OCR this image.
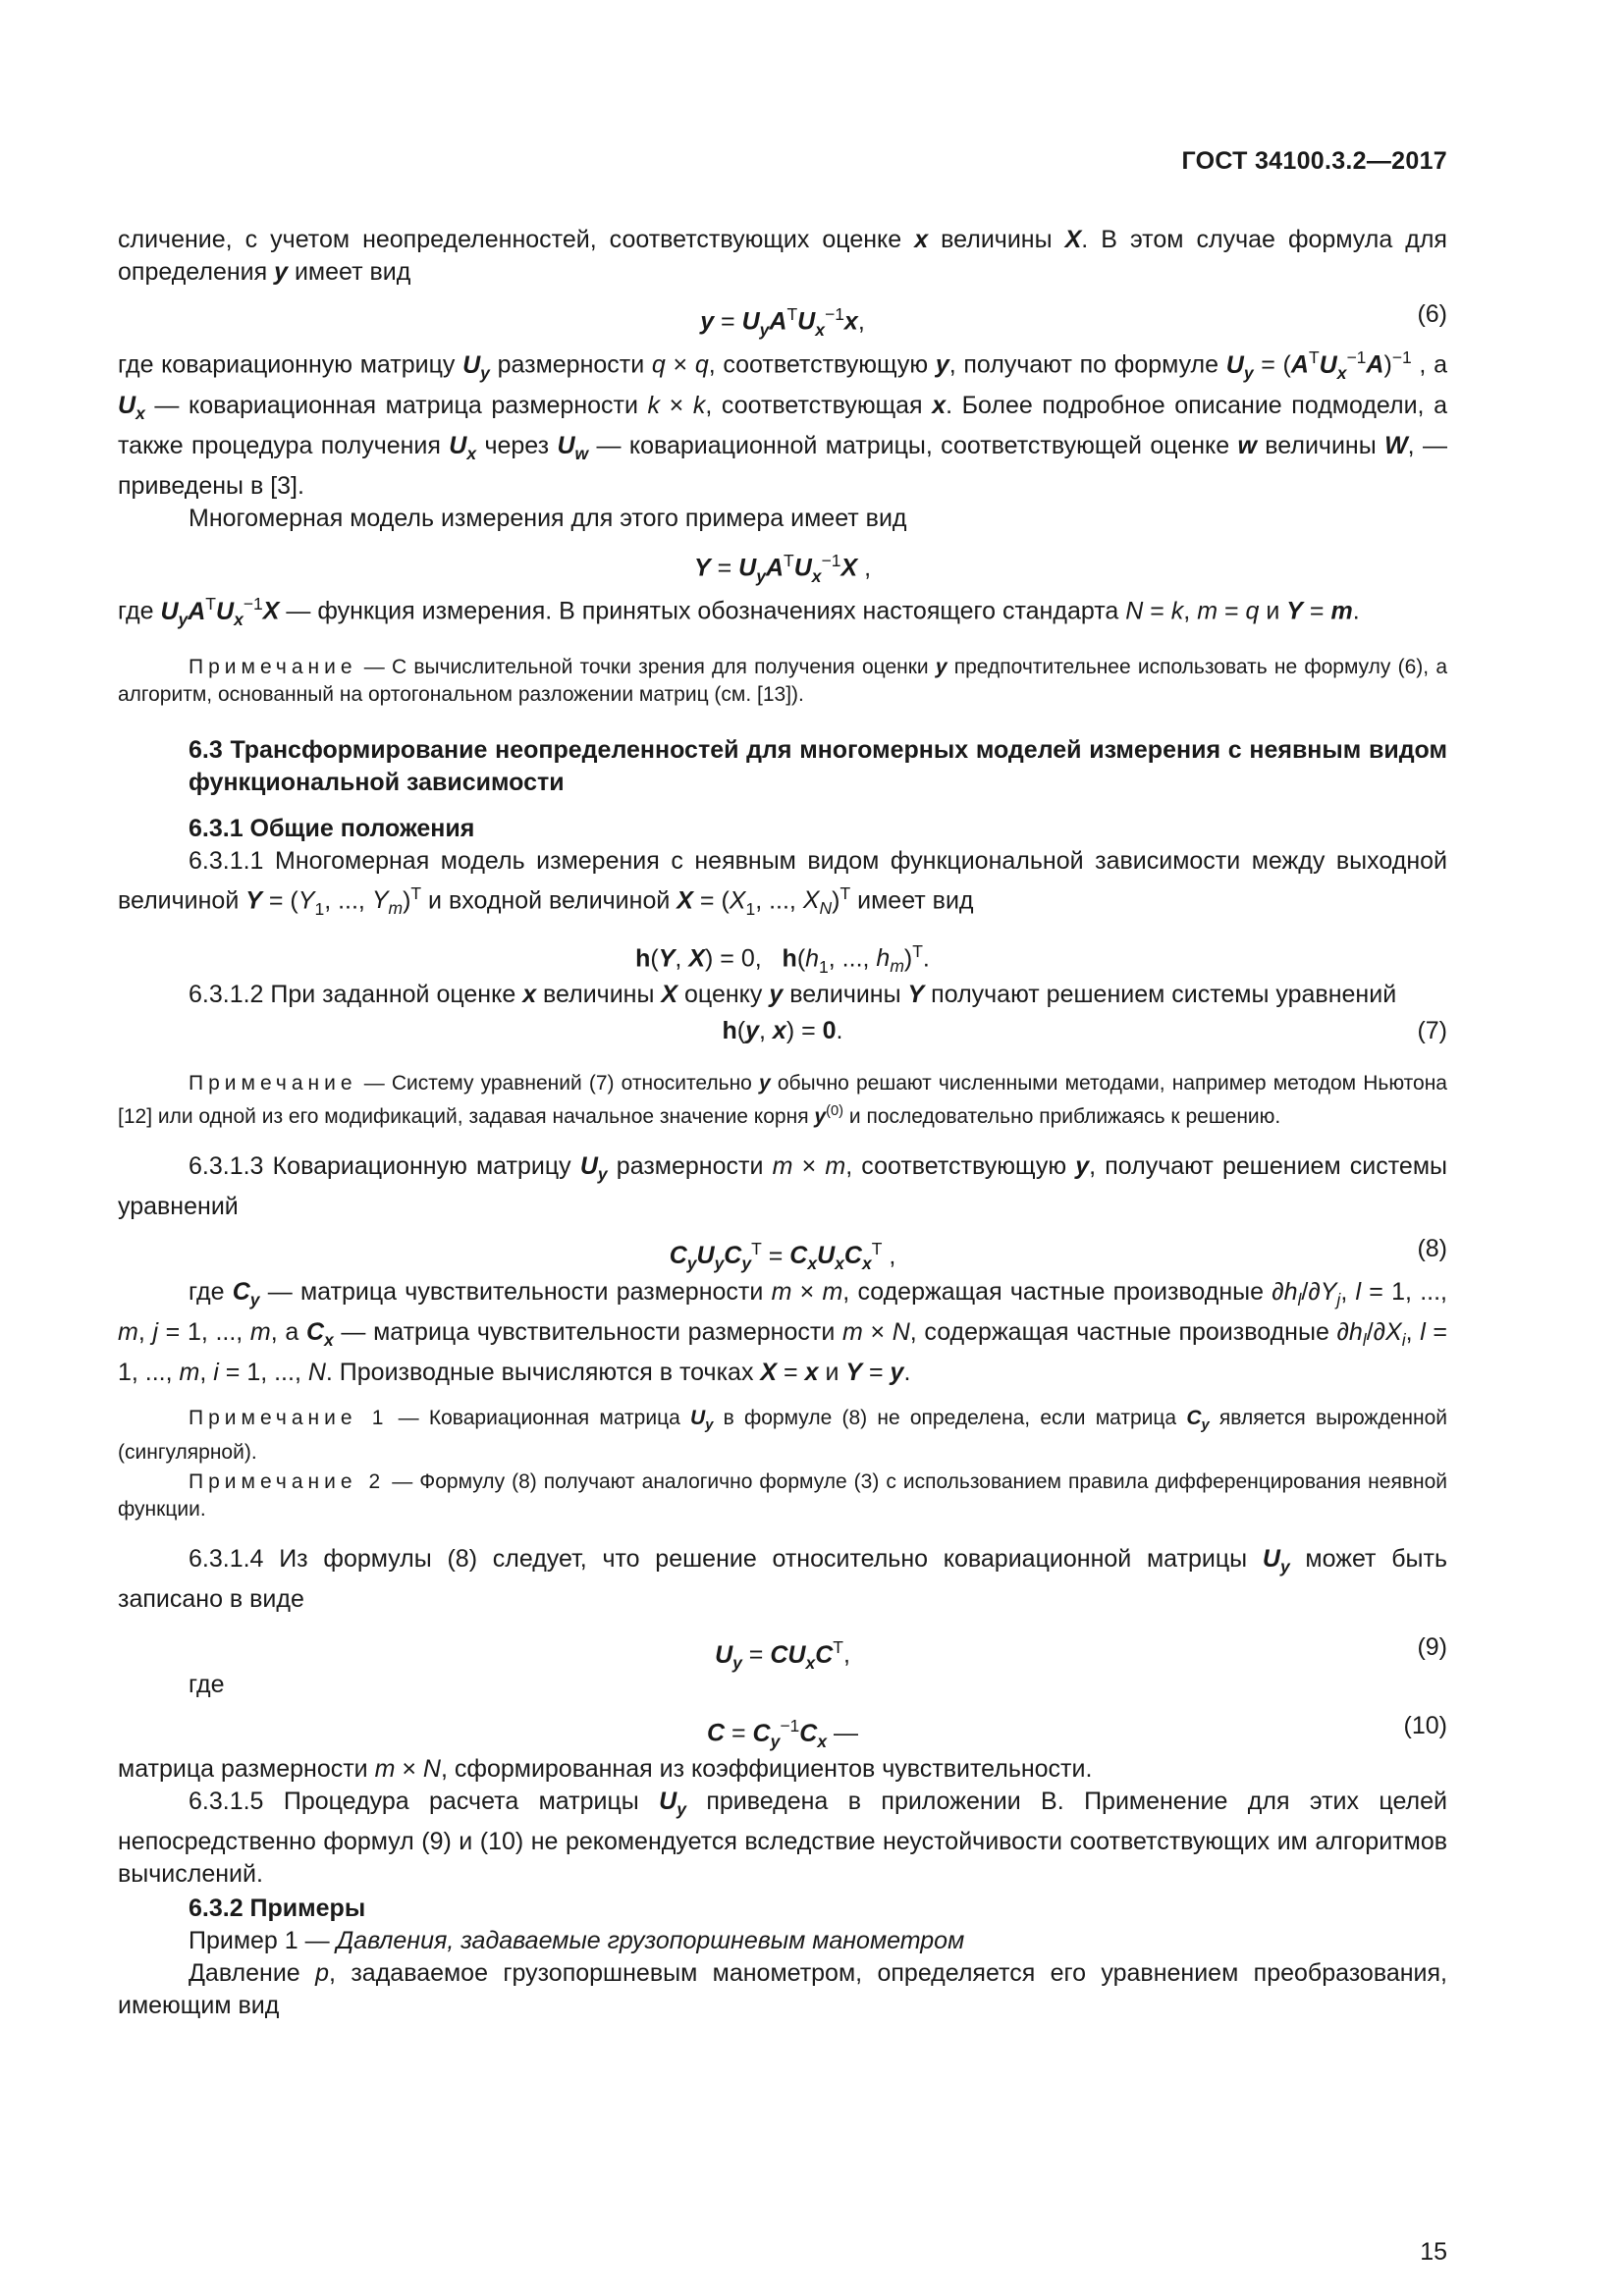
ГОСТ 34100.3.2—2017

сличение, с учетом неопределенностей, соответствующих оценке x величины X. В этом случае формула для определения y имеет вид

$y = U_yA^TU_x^{-1}x$,	(6)

где ковариационную матрицу $U_y$ размерности q × q, соответствующую y, получают по формуле $U_y = (A^TU_x^{-1}A)^{-1}$ , а $U_x$ — ковариационная матрица размерности k × k, соответствующая x. Более подробное описание подмодели, а также процедура получения $U_x$ через $U_w$ — ковариационной матрицы, соответствующей оценке w величины W, — приведены в [3].

Многомерная модель измерения для этого примера имеет вид

$Y = U_yA^TU_x^{-1}X$ ,

где $U_yA^TU_x^{-1}X$ — функция измерения. В принятых обозначениях настоящего стандарта N = k, m = q и Y = m.

Примечание — С вычислительной точки зрения для получения оценки y предпочтительнее использовать не формулу (6), а алгоритм, основанный на ортогональном разложении матриц (см. [13]).

6.3 Трансформирование неопределенностей для многомерных моделей измерения с неявным видом функциональной зависимости

6.3.1 Общие положения

6.3.1.1 Многомерная модель измерения с неявным видом функциональной зависимости между выходной величиной $Y = (Y_1$, ..., $Y_m)^T$ и входной величиной $X = (X_1$, ..., $X_N)^T$ имеет вид

h(Y, X) = 0,   $h(h_1$, ..., $h_m)^T$.

6.3.1.2 При заданной оценке x величины X оценку y величины Y получают решением системы уравнений

h(y, x) = 0.	(7)

Примечание — Систему уравнений (7) относительно y обычно решают численными методами, например методом Ньютона [12] или одной из его модификаций, задавая начальное значение корня $y^{(0)}$ и последовательно приближаясь к решению.

6.3.1.3 Ковариационную матрицу $U_y$ размерности m × m, соответствующую y, получают решением системы уравнений

$C_yU_yC_y^T = C_xU_xC_x^T$ ,	(8)

где $C_y$ — матрица чувствительности размерности m × m, содержащая частные производные $\partial h_l/\partial Y_j$, l = 1, ..., m, j = 1, ..., m, а $C_x$ — матрица чувствительности размерности m × N, содержащая частные производные $\partial h_l/\partial X_i$, l = 1, ..., m, i = 1, ..., N. Производные вычисляются в точках X = x и Y = y.

Примечание 1 — Ковариационная матрица $U_y$ в формуле (8) не определена, если матрица $C_y$ является вырожденной (сингулярной).

Примечание 2 — Формулу (8) получают аналогично формуле (3) с использованием правила дифференцирования неявной функции.

6.3.1.4 Из формулы (8) следует, что решение относительно ковариационной матрицы $U_y$ может быть записано в виде

$U_y = CU_xC^T$,	(9)
где
$C = C_y^{-1}C_x$ —	(10)

матрица размерности m × N, сформированная из коэффициентов чувствительности.

6.3.1.5 Процедура расчета матрицы $U_y$ приведена в приложении В. Применение для этих целей непосредственно формул (9) и (10) не рекомендуется вследствие неустойчивости соответствующих им алгоритмов вычислений.

6.3.2 Примеры

Пример 1 — Давления, задаваемые грузопоршневым манометром

Давление p, задаваемое грузопоршневым манометром, определяется его уравнением преобразования, имеющим вид

15
